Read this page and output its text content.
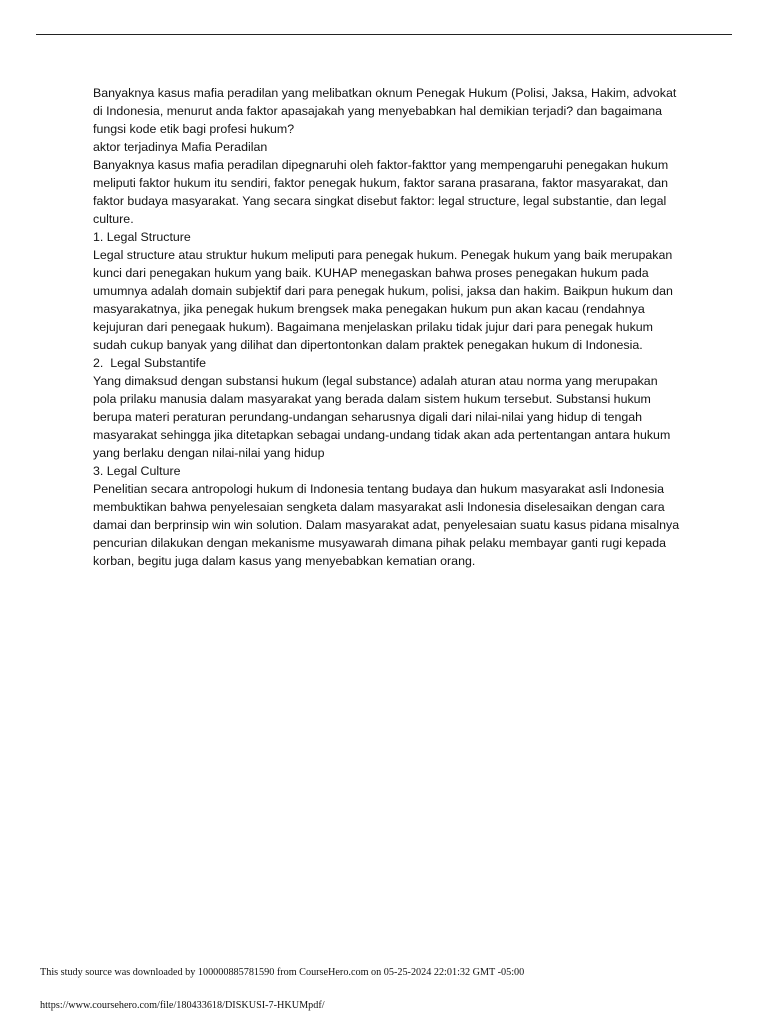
Banyaknya kasus mafia peradilan yang melibatkan oknum Penegak Hukum (Polisi, Jaksa, Hakim, advokat di Indonesia, menurut anda faktor apasajakah yang menyebabkan hal demikian terjadi? dan bagaimana fungsi kode etik bagi profesi hukum?

aktor terjadinya Mafia Peradilan

Banyaknya kasus mafia peradilan dipegnaruhi oleh faktor-fakttor yang mempengaruhi penegakan hukum meliputi faktor hukum itu sendiri, faktor penegak hukum, faktor sarana prasarana, faktor masyarakat, dan faktor budaya masyarakat. Yang secara singkat disebut faktor: legal structure, legal substantie, dan legal culture.

1. Legal Structure

Legal structure atau struktur hukum meliputi para penegak hukum. Penegak hukum yang baik merupakan kunci dari penegakan hukum yang baik. KUHAP menegaskan bahwa proses penegakan hukum pada umumnya adalah domain subjektif dari para penegak hukum, polisi, jaksa dan hakim. Baikpun hukum dan masyarakatnya, jika penegak hukum brengsek maka penegakan hukum pun akan kacau (rendahnya kejujuran dari penegaak hukum). Bagaimana menjelaskan prilaku tidak jujur dari para penegak hukum sudah cukup banyak yang dilihat dan dipertontonkan dalam praktek penegakan hukum di Indonesia.

2.  Legal Substantife

Yang dimaksud dengan substansi hukum (legal substance) adalah aturan atau norma yang merupakan pola prilaku manusia dalam masyarakat yang berada dalam sistem hukum tersebut. Substansi hukum berupa materi peraturan perundang-undangan seharusnya digali dari nilai-nilai yang hidup di tengah masyarakat sehingga jika ditetapkan sebagai undang-undang tidak akan ada pertentangan antara hukum yang berlaku dengan nilai-nilai yang hidup

3. Legal Culture

Penelitian secara antropologi hukum di Indonesia tentang budaya dan hukum masyarakat asli Indonesia membuktikan bahwa penyelesaian sengketa dalam masyarakat asli Indonesia diselesaikan dengan cara damai dan berprinsip win win solution. Dalam masyarakat adat, penyelesaian suatu kasus pidana misalnya pencurian dilakukan dengan mekanisme musyawarah dimana pihak pelaku membayar ganti rugi kepada korban, begitu juga dalam kasus yang menyebabkan kematian orang.

This study source was downloaded by 100000885781590 from CourseHero.com on 05-25-2024 22:01:32 GMT -05:00
https://www.coursehero.com/file/180433618/DISKUSI-7-HKUMpdf/
